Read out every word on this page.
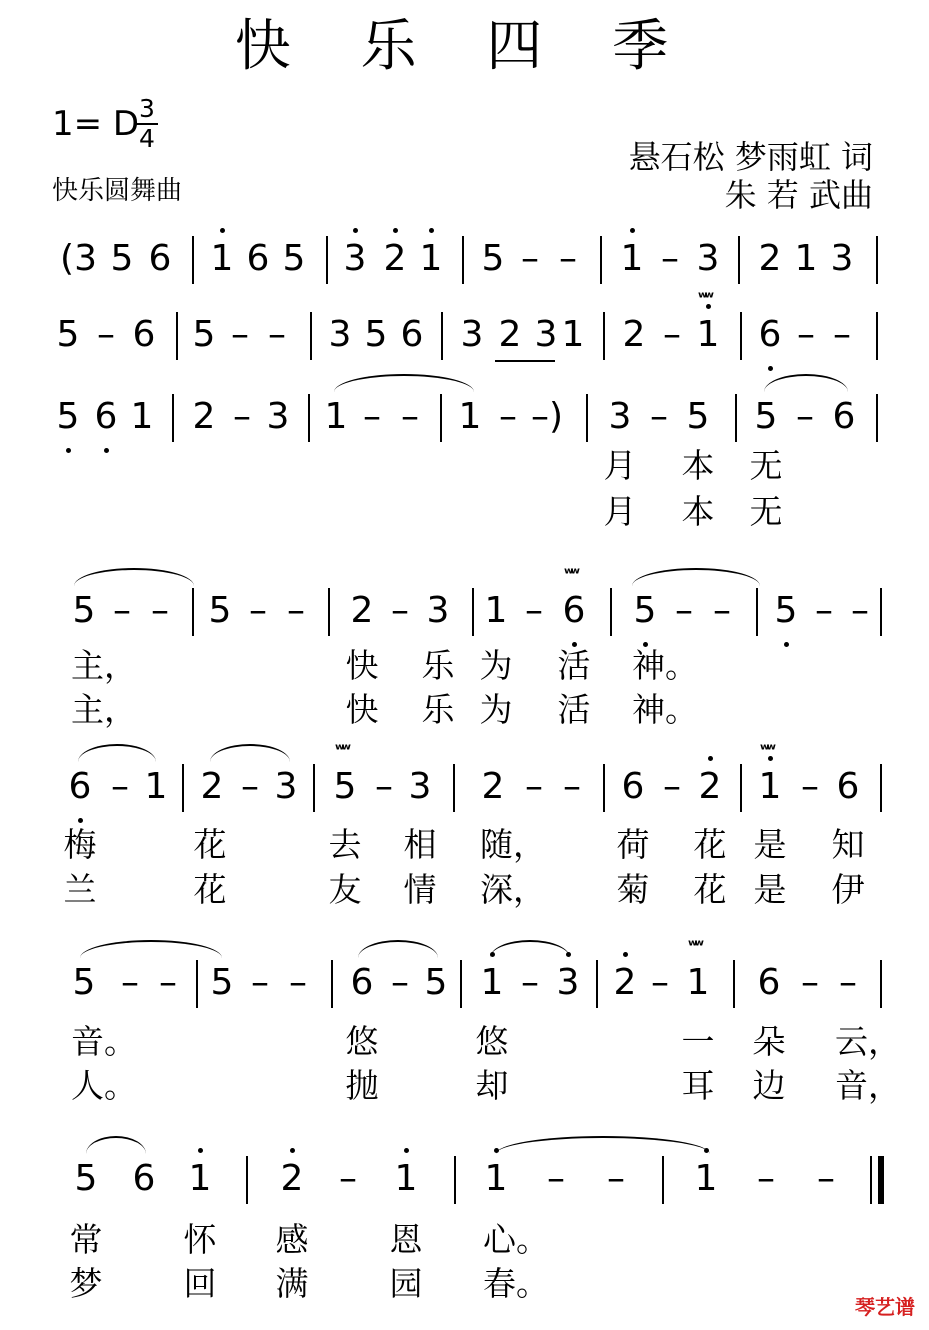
快 乐 四 季
1= D 3
4
快乐圆舞曲
悬石松 梦雨虹 词
朱 若 武曲
(3 5 6 1 6 5 3 2 1 5 – – 1 – 3 2 1 3
5 – 6 5 – – 3 5 6 3 2 3 1 2 – 1 6 – –
ʷʷ
5 6 1 2 – 3 1 – – 1 – –)	3 – 5 5 – 6
月 本 无
月 本 无
5 – – 5 – – 2 – 3 1 – 6 5 – – 5 – –
ʷʷ
主，	快 乐 为 活 神。
主，	快 乐 为 活 神。
6 – 1 2 – 3 5 – 3 2 – – 6 – 2 1 – 6
ʷʷ	ʷʷ
梅	花	去 相 随， 荷 花 是 知
兰	花	友 情 深， 菊 花 是 伊
5 – – 5 – – 6 – 5 1 – 3 2 – 1 6 – –
ʷʷ
音。	悠	悠	一 朵 云，
人。	抛	却	耳 边 音，
5 6 1 2 – 1 1 – – 1 – –
常 怀 感 恩 心。
梦 回 满 园 春。
琴艺谱
